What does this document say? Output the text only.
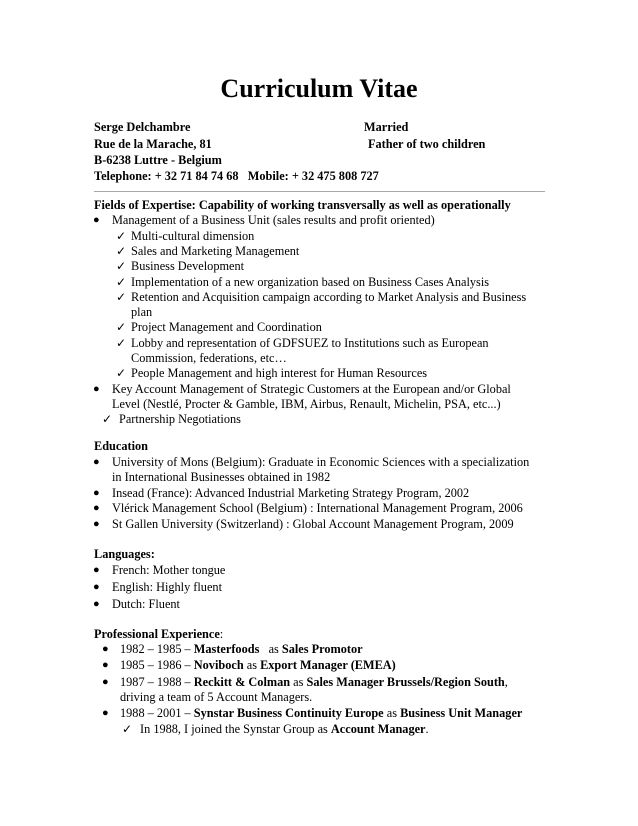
Curriculum Vitae
Serge Delchambre	Married
Rue de la Marache, 81	Father of two children
B-6238 Luttre - Belgium
Telephone: + 32 71 84 74 68   Mobile: + 32 475 808 727
Fields of Expertise: Capability of working transversally as well as operationally
● Management of a Business Unit (sales results and profit oriented)
✓ Multi-cultural dimension
✓ Sales and Marketing Management
✓ Business Development
✓ Implementation of a new organization based on Business Cases Analysis
✓ Retention and Acquisition campaign according to Market Analysis and Business
plan
✓ Project Management and Coordination
✓ Lobby and representation of GDFSUEZ to Institutions such as European
Commission, federations, etc…
✓ People Management and high interest for Human Resources
● Key Account Management of Strategic Customers at the European and/or Global
Level (Nestlé, Procter & Gamble, IBM, Airbus, Renault, Michelin, PSA, etc...)
✓ Partnership Negotiations
Education
● University of Mons (Belgium): Graduate in Economic Sciences with a specialization
in International Businesses obtained in 1982
● Insead (France): Advanced Industrial Marketing Strategy Program, 2002
● Vlérick Management School (Belgium) : International Management Program, 2006
● St Gallen University (Switzerland) : Global Account Management Program, 2009
Languages:
● French: Mother tongue
● English: Highly fluent
● Dutch: Fluent
Professional Experience:
● 1982 – 1985 – Masterfoods   as Sales Promotor
● 1985 – 1986 – Noviboch as Export Manager (EMEA)
● 1987 – 1988 – Reckitt & Colman as Sales Manager Brussels/Region South,
driving a team of 5 Account Managers.
● 1988 – 2001 – Synstar Business Continuity Europe as Business Unit Manager
✓ In 1988, I joined the Synstar Group as Account Manager.
